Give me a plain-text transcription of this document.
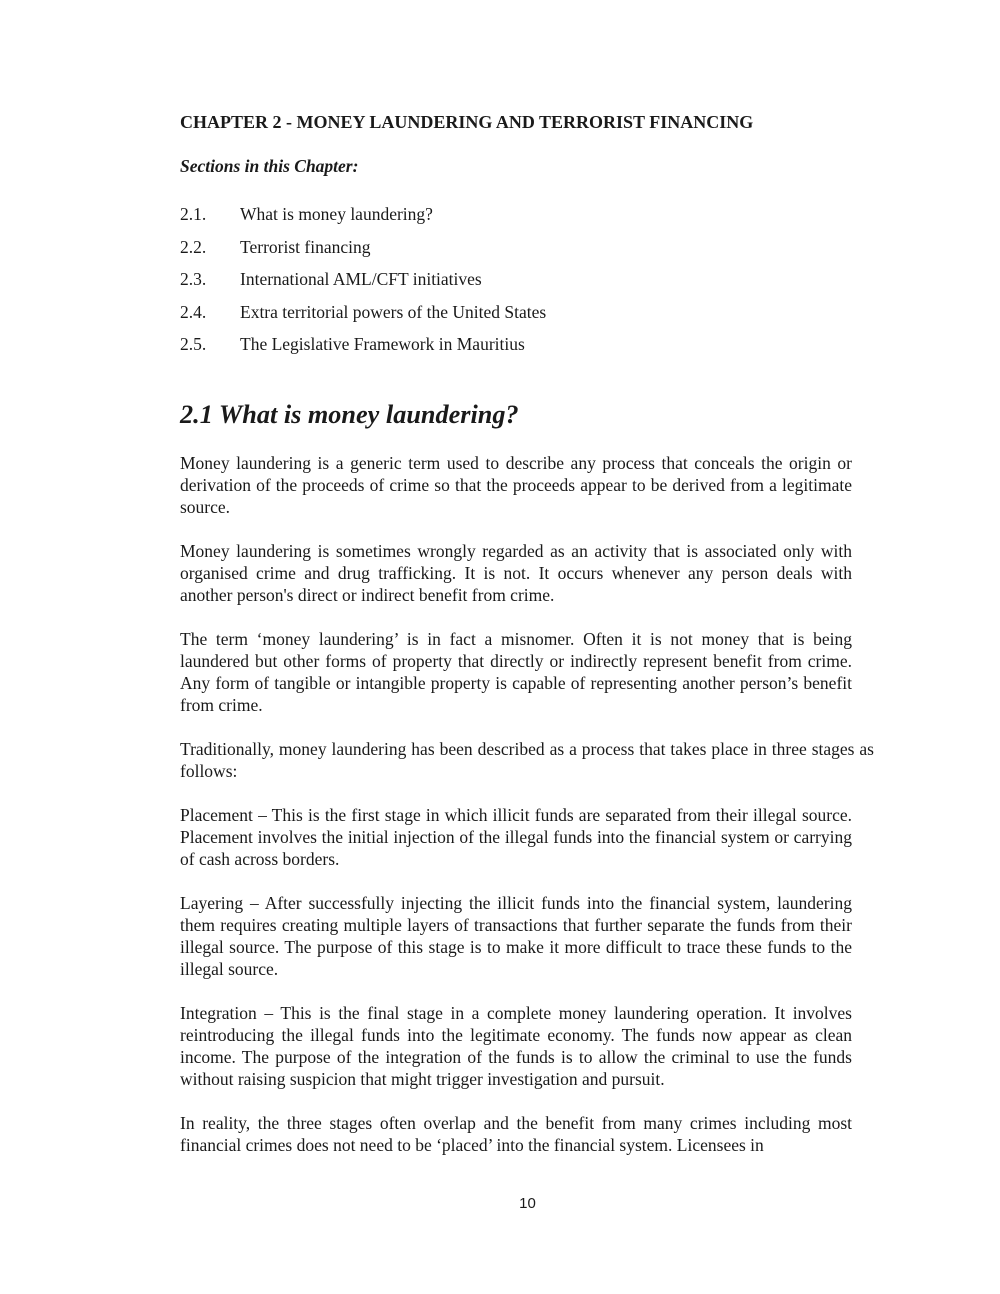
CHAPTER 2 - MONEY LAUNDERING AND TERRORIST FINANCING

Sections in this Chapter:

2.1.	What is money laundering?
2.2.	Terrorist financing
2.3.	International AML/CFT initiatives
2.4.	Extra territorial powers of the United States
2.5.	The Legislative Framework in Mauritius
2.1 What is money laundering?

Money laundering is a generic term used to describe any process that conceals the origin or derivation of the proceeds of crime so that the proceeds appear to be derived from a legitimate source.

Money laundering is sometimes wrongly regarded as an activity that is associated only with organised crime and drug trafficking. It is not. It occurs whenever any person deals with another person's direct or indirect benefit from crime.

The term ‘money laundering’ is in fact a misnomer. Often it is not money that is being laundered but other forms of property that directly or indirectly represent benefit from crime. Any form of tangible or intangible property is capable of representing another person’s benefit from crime.

Traditionally, money laundering has been described as a process that takes place in three stages as follows:

Placement – This is the first stage in which illicit funds are separated from their illegal source. Placement involves the initial injection of the illegal funds into the financial system or carrying of cash across borders.

Layering – After successfully injecting the illicit funds into the financial system, laundering them requires creating multiple layers of transactions that further separate the funds from their illegal source. The purpose of this stage is to make it more difficult to trace these funds to the illegal source.

Integration – This is the final stage in a complete money laundering operation. It involves reintroducing the illegal funds into the legitimate economy. The funds now appear as clean income. The purpose of the integration of the funds is to allow the criminal to use the funds without raising suspicion that might trigger investigation and pursuit.

In reality, the three stages often overlap and the benefit from many crimes including most financial crimes does not need to be ‘placed’ into the financial system. Licensees in

10
